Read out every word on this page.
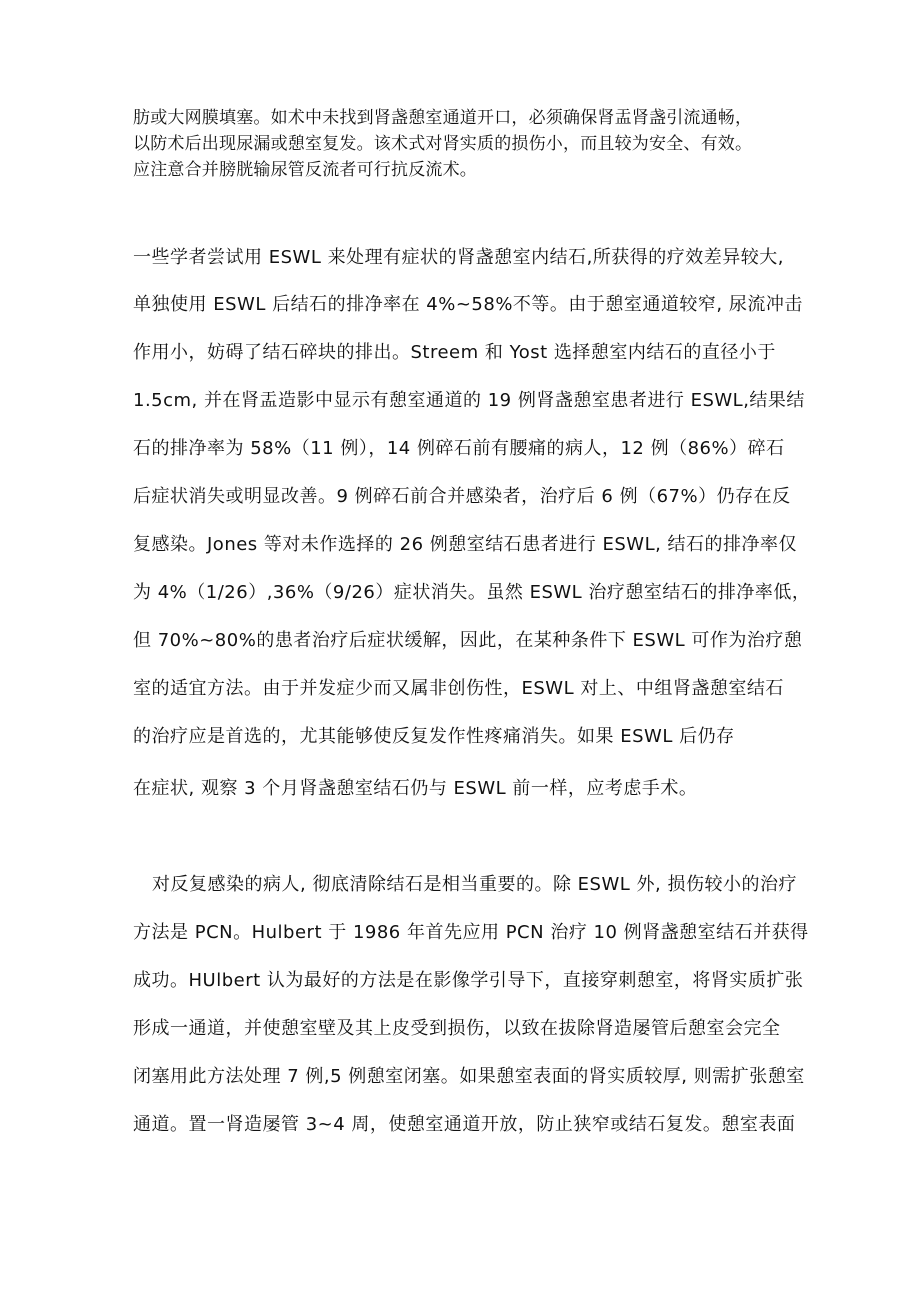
肪或大网膜填塞。如术中未找到肾盏憩室通道开口，必须确保肾盂肾盏引流通畅，
以防术后出现尿漏或憩室复发。该术式对肾实质的损伤小，而且较为安全、有效。
应注意合并膀胱输尿管反流者可行抗反流术。
一些学者尝试用 ESWL 来处理有症状的肾盏憩室内结石,所获得的疗效差异较大,
单独使用 ESWL 后结石的排净率在 4%~58%不等。由于憩室通道较窄, 尿流冲击
作用小，妨碍了结石碎块的排出。Streem 和 Yost 选择憩室内结石的直径小于
1.5cm, 并在肾盂造影中显示有憩室通道的 19 例肾盏憩室患者进行 ESWL,结果结
石的排净率为 58%（11 例），14 例碎石前有腰痛的病人，12 例（86%）碎石
后症状消失或明显改善。9 例碎石前合并感染者，治疗后 6 例（67%）仍存在反
复感染。Jones 等对未作选择的 26 例憩室结石患者进行 ESWL, 结石的排净率仅
为 4%（1/26）,36%（9/26）症状消失。虽然 ESWL 治疗憩室结石的排净率低，
但 70%~80%的患者治疗后症状缓解，因此，在某种条件下 ESWL 可作为治疗憩
室的适宜方法。由于并发症少而又属非创伤性，ESWL 对上、中组肾盏憩室结石
的治疗应是首选的，尤其能够使反复发作性疼痛消失。如果 ESWL 后仍存
在症状, 观察 3 个月肾盏憩室结石仍与 ESWL 前一样，应考虑手术。
对反复感染的病人, 彻底清除结石是相当重要的。除 ESWL 外, 损伤较小的治疗
方法是 PCN。Hulbert 于 1986 年首先应用 PCN 治疗 10 例肾盏憩室结石并获得
成功。HUlbert 认为最好的方法是在影像学引导下，直接穿刺憩室，将肾实质扩张
形成一通道，并使憩室壁及其上皮受到损伤，以致在拔除肾造屡管后憩室会完全
闭塞用此方法处理 7 例,5 例憩室闭塞。如果憩室表面的肾实质较厚, 则需扩张憩室
通道。置一肾造屡管 3~4 周，使憩室通道开放，防止狭窄或结石复发。憩室表面
